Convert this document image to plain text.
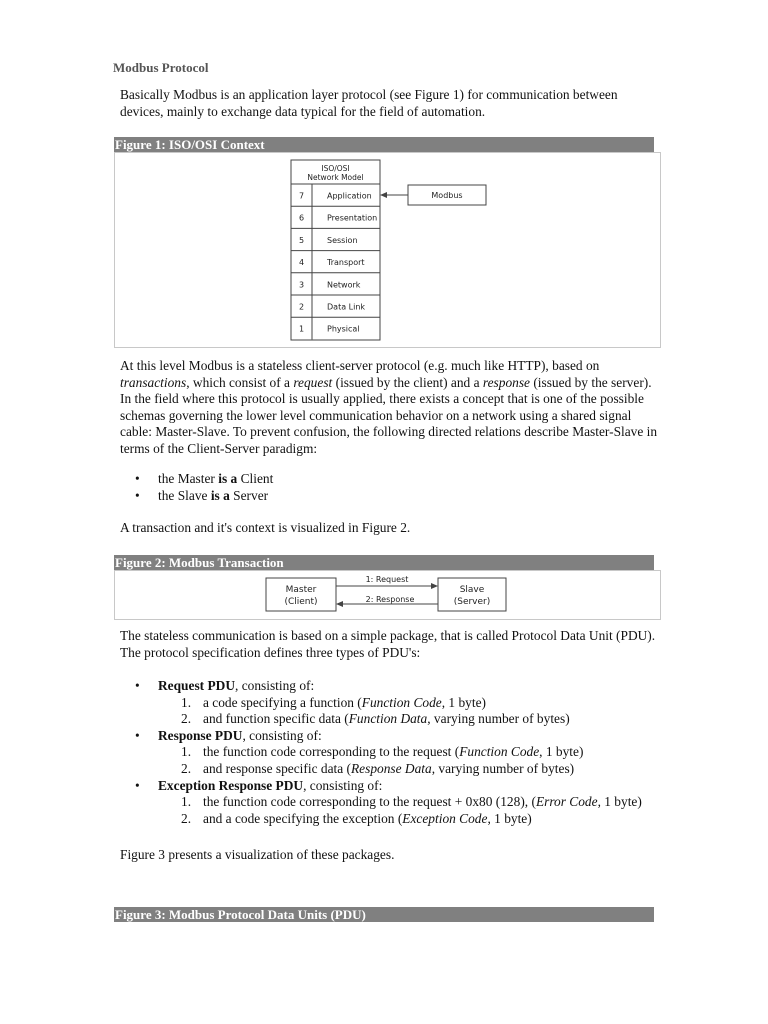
Modbus Protocol

Basically Modbus is an application layer protocol (see Figure 1) for communication between devices, mainly to exchange data typical for the field of automation.

Figure 1: ISO/OSI Context
ISO/OSI
Network Model
7	Application
6	Presentation
5	Session
4	Transport
3	Network
2	Data Link
1	Physical
Modbus

At this level Modbus is a stateless client-server protocol (e.g. much like HTTP), based on transactions, which consist of a request (issued by the client) and a response (issued by the server). In the field where this protocol is usually applied, there exists a concept that is one of the possible schemas governing the lower level communication behavior on a network using a shared signal cable: Master-Slave. To prevent confusion, the following directed relations describe Master-Slave in terms of the Client-Server paradigm:

• the Master is a Client
• the Slave is a Server

A transaction and it's context is visualized in Figure 2.

Figure 2: Modbus Transaction
Master
(Client)
Slave
(Server)
1: Request
2: Response

The stateless communication is based on a simple package, that is called Protocol Data Unit (PDU). The protocol specification defines three types of PDU's:

• Request PDU, consisting of:
1. a code specifying a function (Function Code, 1 byte)
2. and function specific data (Function Data, varying number of bytes)
• Response PDU, consisting of:
1. the function code corresponding to the request (Function Code, 1 byte)
2. and response specific data (Response Data, varying number of bytes)
• Exception Response PDU, consisting of:
1. the function code corresponding to the request + 0x80 (128), (Error Code, 1 byte)
2. and a code specifying the exception (Exception Code, 1 byte)

Figure 3 presents a visualization of these packages.

Figure 3: Modbus Protocol Data Units (PDU)
